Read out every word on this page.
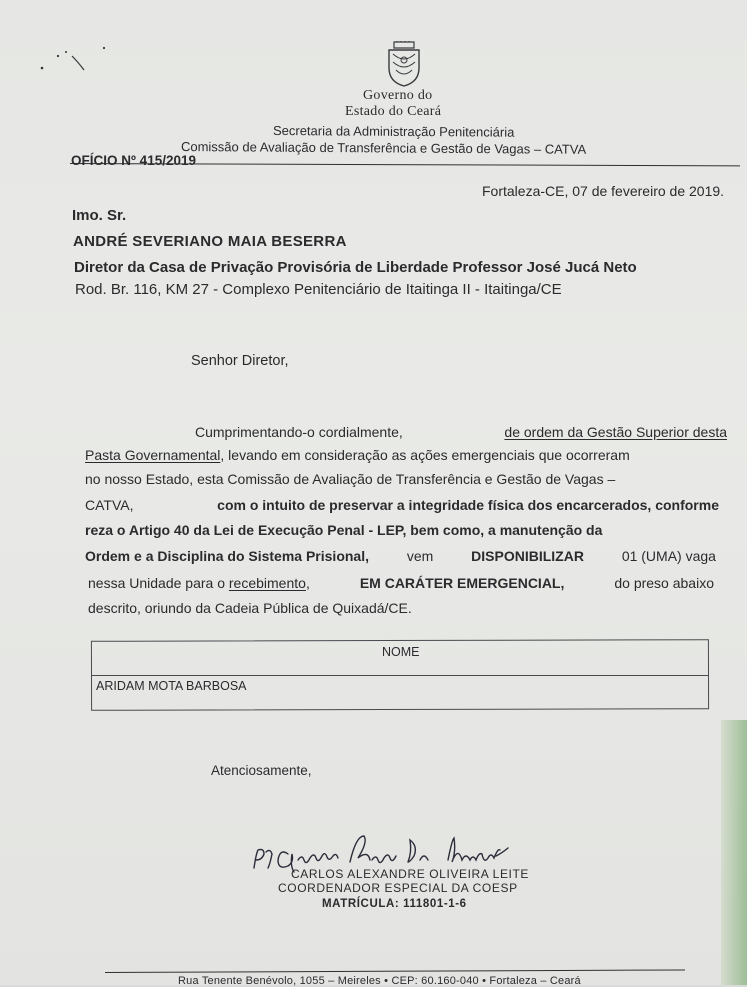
Governo do
Estado do Ceará
Secretaria da Administração Penitenciária
Comissão de Avaliação de Transferência e Gestão de Vagas – CATVA
OFÍCIO Nº 415/2019
Fortaleza-CE, 07 de fevereiro de 2019.
Imo. Sr.
ANDRÉ SEVERIANO MAIA BESERRA
Diretor da Casa de Privação Provisória de Liberdade Professor José Jucá Neto
Rod. Br. 116, KM 27 - Complexo Penitenciário de Itaitinga II - Itaitinga/CE
Senhor Diretor,
Cumprimentando-o cordialmente,	de ordem da Gestão Superior desta
Pasta Governamental, levando em consideração as ações emergenciais que ocorreram
no nosso Estado, esta Comissão de Avaliação de Transferência e Gestão de Vagas –
CATVA,	com o intuito de preservar a integridade física dos encarcerados, conforme
reza o Artigo 40 da Lei de Execução Penal - LEP, bem como, a manutenção da
Ordem e a Disciplina do Sistema Prisional,	vem	DISPONIBILIZAR	01 (UMA) vaga
nessa Unidade para o recebimento,	EM CARÁTER EMERGENCIAL,	do preso abaixo
descrito, oriundo da Cadeia Pública de Quixadá/CE.
NOME
ARIDAM MOTA BARBOSA
Atenciosamente,
CARLOS ALEXANDRE OLIVEIRA LEITE
COORDENADOR ESPECIAL DA COESP
MATRÍCULA: 111801-1-6
Rua Tenente Benévolo, 1055 – Meireles • CEP: 60.160-040 • Fortaleza – Ceará
